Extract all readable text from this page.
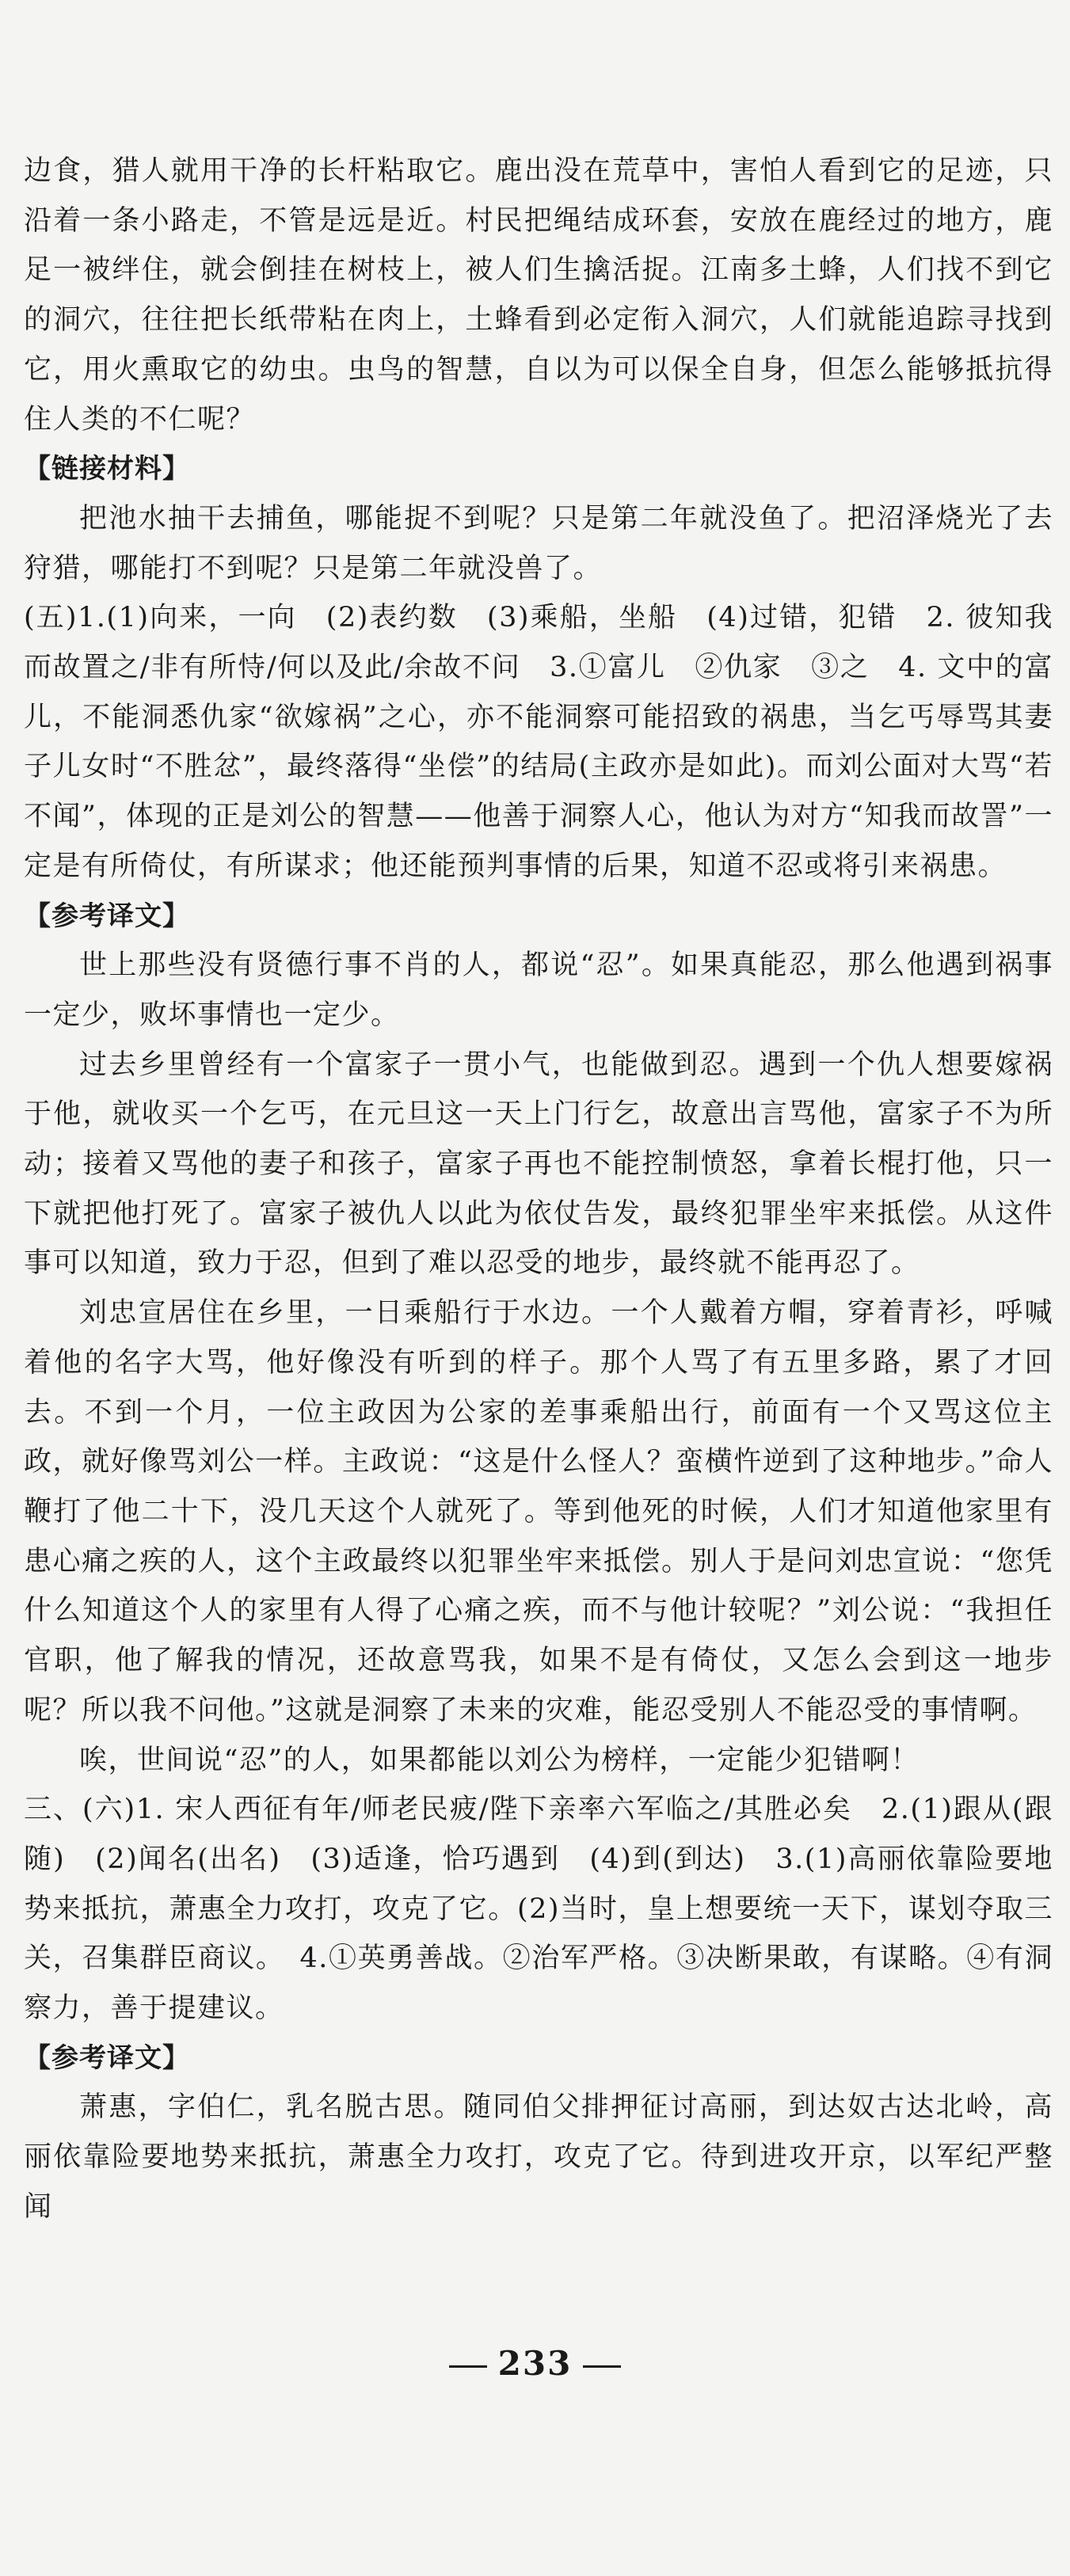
边食，猎人就用干净的长杆粘取它。鹿出没在荒草中，害怕人看到它的足迹，只沿着一条小路走，不管是远是近。村民把绳结成环套，安放在鹿经过的地方，鹿足一被绊住，就会倒挂在树枝上，被人们生擒活捉。江南多土蜂，人们找不到它的洞穴，往往把长纸带粘在肉上，土蜂看到必定衔入洞穴，人们就能追踪寻找到它，用火熏取它的幼虫。虫鸟的智慧，自以为可以保全自身，但怎么能够抵抗得住人类的不仁呢？

【链接材料】

把池水抽干去捕鱼，哪能捉不到呢？只是第二年就没鱼了。把沼泽烧光了去狩猎，哪能打不到呢？只是第二年就没兽了。

(五)1.(1)向来，一向　(2)表约数　(3)乘船，坐船　(4)过错，犯错　2. 彼知我而故置之/非有所恃/何以及此/余故不问　3.①富儿　②仇家　③之　4. 文中的富儿，不能洞悉仇家“欲嫁祸”之心，亦不能洞察可能招致的祸患，当乞丐辱骂其妻子儿女时“不胜忿”，最终落得“坐偿”的结局(主政亦是如此)。而刘公面对大骂“若不闻”，体现的正是刘公的智慧——他善于洞察人心，他认为对方“知我而故詈”一定是有所倚仗，有所谋求；他还能预判事情的后果，知道不忍或将引来祸患。

【参考译文】

世上那些没有贤德行事不肖的人，都说“忍”。如果真能忍，那么他遇到祸事一定少，败坏事情也一定少。

过去乡里曾经有一个富家子一贯小气，也能做到忍。遇到一个仇人想要嫁祸于他，就收买一个乞丐，在元旦这一天上门行乞，故意出言骂他，富家子不为所动；接着又骂他的妻子和孩子，富家子再也不能控制愤怒，拿着长棍打他，只一下就把他打死了。富家子被仇人以此为依仗告发，最终犯罪坐牢来抵偿。从这件事可以知道，致力于忍，但到了难以忍受的地步，最终就不能再忍了。

刘忠宣居住在乡里，一日乘船行于水边。一个人戴着方帽，穿着青衫，呼喊着他的名字大骂，他好像没有听到的样子。那个人骂了有五里多路，累了才回去。不到一个月，一位主政因为公家的差事乘船出行，前面有一个又骂这位主政，就好像骂刘公一样。主政说：“这是什么怪人？蛮横忤逆到了这种地步。”命人鞭打了他二十下，没几天这个人就死了。等到他死的时候，人们才知道他家里有患心痛之疾的人，这个主政最终以犯罪坐牢来抵偿。别人于是问刘忠宣说：“您凭什么知道这个人的家里有人得了心痛之疾，而不与他计较呢？”刘公说：“我担任官职，他了解我的情况，还故意骂我，如果不是有倚仗，又怎么会到这一地步呢？所以我不问他。”这就是洞察了未来的灾难，能忍受别人不能忍受的事情啊。

唉，世间说“忍”的人，如果都能以刘公为榜样，一定能少犯错啊！

三、(六)1. 宋人西征有年/师老民疲/陛下亲率六军临之/其胜必矣　2.(1)跟从(跟随)　(2)闻名(出名)　(3)适逢，恰巧遇到　(4)到(到达)　3.(1)高丽依靠险要地势来抵抗，萧惠全力攻打，攻克了它。(2)当时，皇上想要统一天下，谋划夺取三关，召集群臣商议。　4.①英勇善战。②治军严格。③决断果敢，有谋略。④有洞察力，善于提建议。

【参考译文】

萧惠，字伯仁，乳名脱古思。随同伯父排押征讨高丽，到达奴古达北岭，高丽依靠险要地势来抵抗，萧惠全力攻打，攻克了它。待到进攻开京，以军纪严整闻

233
